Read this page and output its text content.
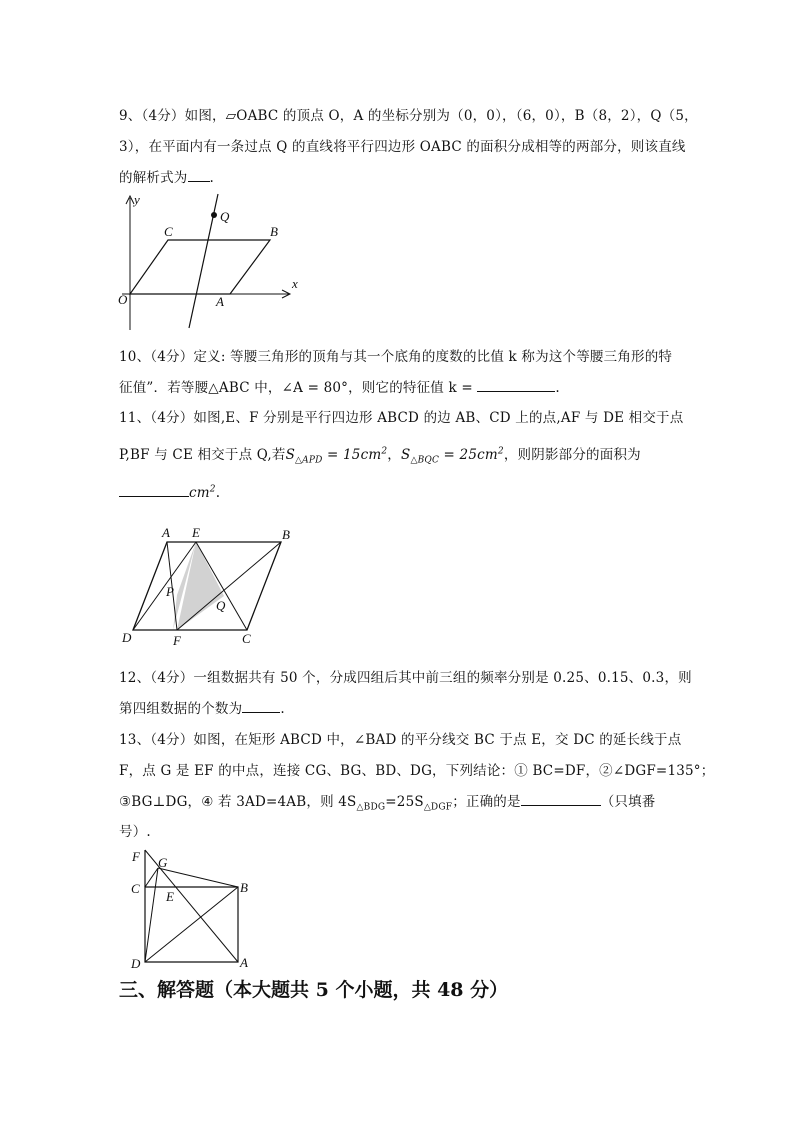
9、（4分）如图，▱OABC 的顶点 O，A 的坐标分别为（0，0），（6，0），B（8，2），Q（5，
3），在平面内有一条过点 Q 的直线将平行四边形 OABC 的面积分成相等的两部分，则该直线
的解析式为 .
x
y
O	A
B
C
Q
10、（4分）定义: 等腰三角形的顶角与其一个底角的度数的比值 k 称为这个等腰三角形的特
征值”．若等腰△ABC 中，∠A = 80°，则它的特征值 k =	.
11、（4分）如图,E、F 分别是平行四边形 ABCD 的边 AB、CD 上的点,AF 与 DE 相交于点
P,BF 与 CE 相交于点 Q,若$S_{\triangle APD} = 15cm^2$，$S_{\triangle BQC} = 25cm^2$，则阴影部分的面积为
$cm^2$.
A E	B
P
Q
D	F	C
12、（4分）一组数据共有 50 个，分成四组后其中前三组的频率分别是 0.25、0.15、0.3，则
第四组数据的个数为	.
13、（4分）如图，在矩形 ABCD 中，∠BAD 的平分线交 BC 于点 E，交 DC 的延长线于点
F，点 G 是 EF 的中点，连接 CG、BG、BD、DG，下列结论：① BC=DF，②∠DGF=135°；
③BG⊥DG，④ 若 3AD=4AB，则 $4S_{\triangle BDG}=25S_{\triangle DGF}$；正确的是	（只填番
号）.
F G
C
E
B
D	A
三、解答题（本大题共 5 个小题，共 48 分）
